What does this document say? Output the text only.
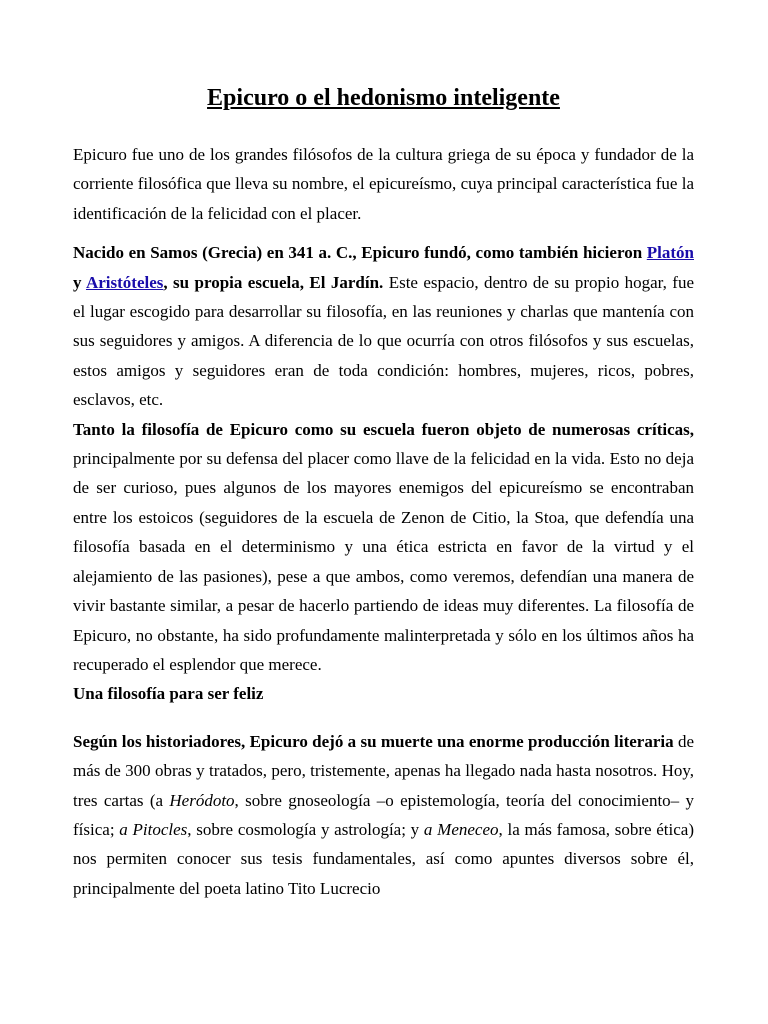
Epicuro o el hedonismo inteligente

Epicuro fue uno de los grandes filósofos de la cultura griega de su época y fundador de la corriente filosófica que lleva su nombre, el epicureísmo, cuya principal característica fue la identificación de la felicidad con el placer.

Nacido en Samos (Grecia) en 341 a. C., Epicuro fundó, como también hicieron Platón y Aristóteles, su propia escuela, El Jardín. Este espacio, dentro de su propio hogar, fue el lugar escogido para desarrollar su filosofía, en las reuniones y charlas que mantenía con sus seguidores y amigos. A diferencia de lo que ocurría con otros filósofos y sus escuelas, estos amigos y seguidores eran de toda condición: hombres, mujeres, ricos, pobres, esclavos, etc.

Tanto la filosofía de Epicuro como su escuela fueron objeto de numerosas críticas, principalmente por su defensa del placer como llave de la felicidad en la vida. Esto no deja de ser curioso, pues algunos de los mayores enemigos del epicureísmo se encontraban entre los estoicos (seguidores de la escuela de Zenon de Citio, la Stoa, que defendía una filosofía basada en el determinismo y una ética estricta en favor de la virtud y el alejamiento de las pasiones), pese a que ambos, como veremos, defendían una manera de vivir bastante similar, a pesar de hacerlo partiendo de ideas muy diferentes. La filosofía de Epicuro, no obstante, ha sido profundamente malinterpretada y sólo en los últimos años ha recuperado el esplendor que merece.

Una filosofía para ser feliz

Según los historiadores, Epicuro dejó a su muerte una enorme producción literaria de más de 300 obras y tratados, pero, tristemente, apenas ha llegado nada hasta nosotros. Hoy, tres cartas (a Heródoto, sobre gnoseología –o epistemología, teoría del conocimiento– y física; a Pitocles, sobre cosmología y astrología; y a Meneceo, la más famosa, sobre ética) nos permiten conocer sus tesis fundamentales, así como apuntes diversos sobre él, principalmente del poeta latino Tito Lucrecio
